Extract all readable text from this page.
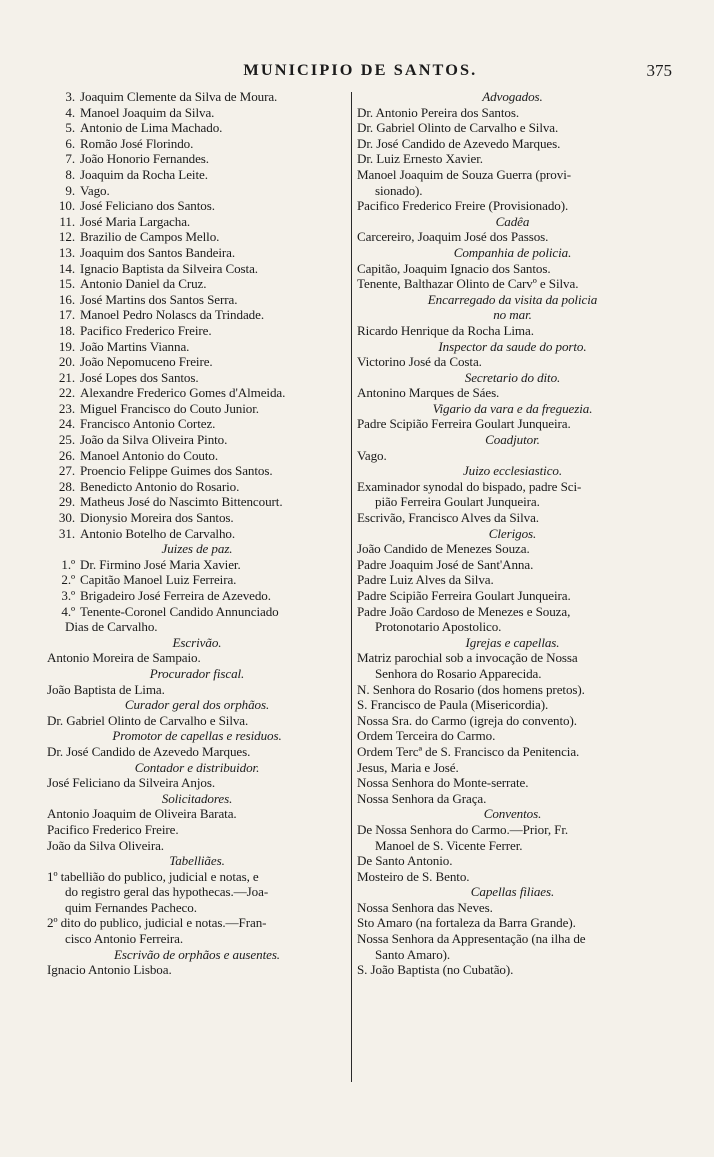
MUNICIPIO DE SANTOS.	375
3. Joaquim Clemente da Silva de Moura.
4. Manoel Joaquim da Silva.
5. Antonio de Lima Machado.
6. Romão José Florindo.
7. João Honorio Fernandes.
8. Joaquim da Rocha Leite.
9. Vago.
10. José Feliciano dos Santos.
11. José Maria Largacha.
12. Brazilio de Campos Mello.
13. Joaquim dos Santos Bandeira.
14. Ignacio Baptista da Silveira Costa.
15. Antonio Daniel da Cruz.
16. José Martins dos Santos Serra.
17. Manoel Pedro Nolascs da Trindade.
18. Pacifico Frederico Freire.
19. João Martins Vianna.
20. João Nepomuceno Freire.
21. José Lopes dos Santos.
22. Alexandre Frederico Gomes d'Almeida.
23. Miguel Francisco do Couto Junior.
24. Francisco Antonio Cortez.
25. João da Silva Oliveira Pinto.
26. Manoel Antonio do Couto.
27. Proencio Felippe Guimes dos Santos.
28. Benedicto Antonio do Rosario.
29. Matheus José do Nascimto Bittencourt.
30. Dionysio Moreira dos Santos.
31. Antonio Botelho de Carvalho.
Juizes de paz.
1.º Dr. Firmino José Maria Xavier.
2.º Capitão Manoel Luiz Ferreira.
3.º Brigadeiro José Ferreira de Azevedo.
4.º Tenente-Coronel Candido Annunciado
Dias de Carvalho.
Escrivão.
Antonio Moreira de Sampaio.
Procurador fiscal.
João Baptista de Lima.
Curador geral dos orphãos.
Dr. Gabriel Olinto de Carvalho e Silva.
Promotor de capellas e residuos.
Dr. José Candido de Azevedo Marques.
Contador e distribuidor.
José Feliciano da Silveira Anjos.
Solicitadores.
Antonio Joaquim de Oliveira Barata.
Pacifico Frederico Freire.
João da Silva Oliveira.
Tabelliães.
1º tabellião do publico, judicial e notas, e
do registro geral das hypothecas.—Joa-
quim Fernandes Pacheco.
2º dito do publico, judicial e notas.—Fran-
cisco Antonio Ferreira.
Escrivão de orphãos e ausentes.
Ignacio Antonio Lisboa.
Advogados.
Dr. Antonio Pereira dos Santos.
Dr. Gabriel Olinto de Carvalho e Silva.
Dr. José Candido de Azevedo Marques.
Dr. Luiz Ernesto Xavier.
Manoel Joaquim de Souza Guerra (provi-
sionado).
Pacifico Frederico Freire (Provisionado).
Cadêa
Carcereiro, Joaquim José dos Passos.
Companhia de policia.
Capitão, Joaquim Ignacio dos Santos.
Tenente, Balthazar Olinto de Carvº e Silva.
Encarregado da visita da policia
no mar.
Ricardo Henrique da Rocha Lima.
Inspector da saude do porto.
Victorino José da Costa.
Secretario do dito.
Antonino Marques de Sáes.
Vigario da vara e da freguezia.
Padre Scipião Ferreira Goulart Junqueira.
Coadjutor.
Vago.
Juizo ecclesiastico.
Examinador synodal do bispado, padre Sci-
pião Ferreira Goulart Junqueira.
Escrivão, Francisco Alves da Silva.
Clerigos.
João Candido de Menezes Souza.
Padre Joaquim José de Sant'Anna.
Padre Luiz Alves da Silva.
Padre Scipião Ferreira Goulart Junqueira.
Padre João Cardoso de Menezes e Souza,
Protonotario Apostolico.
Igrejas e capellas.
Matriz parochial sob a invocação de Nossa
Senhora do Rosario Apparecida.
N. Senhora do Rosario (dos homens pretos).
S. Francisco de Paula (Misericordia).
Nossa Sra. do Carmo (igreja do convento).
Ordem Terceira do Carmo.
Ordem Tercª de S. Francisco da Penitencia.
Jesus, Maria e José.
Nossa Senhora do Monte-serrate.
Nossa Senhora da Graça.
Conventos.
De Nossa Senhora do Carmo.—Prior, Fr.
Manoel de S. Vicente Ferrer.
De Santo Antonio.
Mosteiro de S. Bento.
Capellas filiaes.
Nossa Senhora das Neves.
Sto Amaro (na fortaleza da Barra Grande).
Nossa Senhora da Appresentação (na ilha de
Santo Amaro).
S. João Baptista (no Cubatão).
